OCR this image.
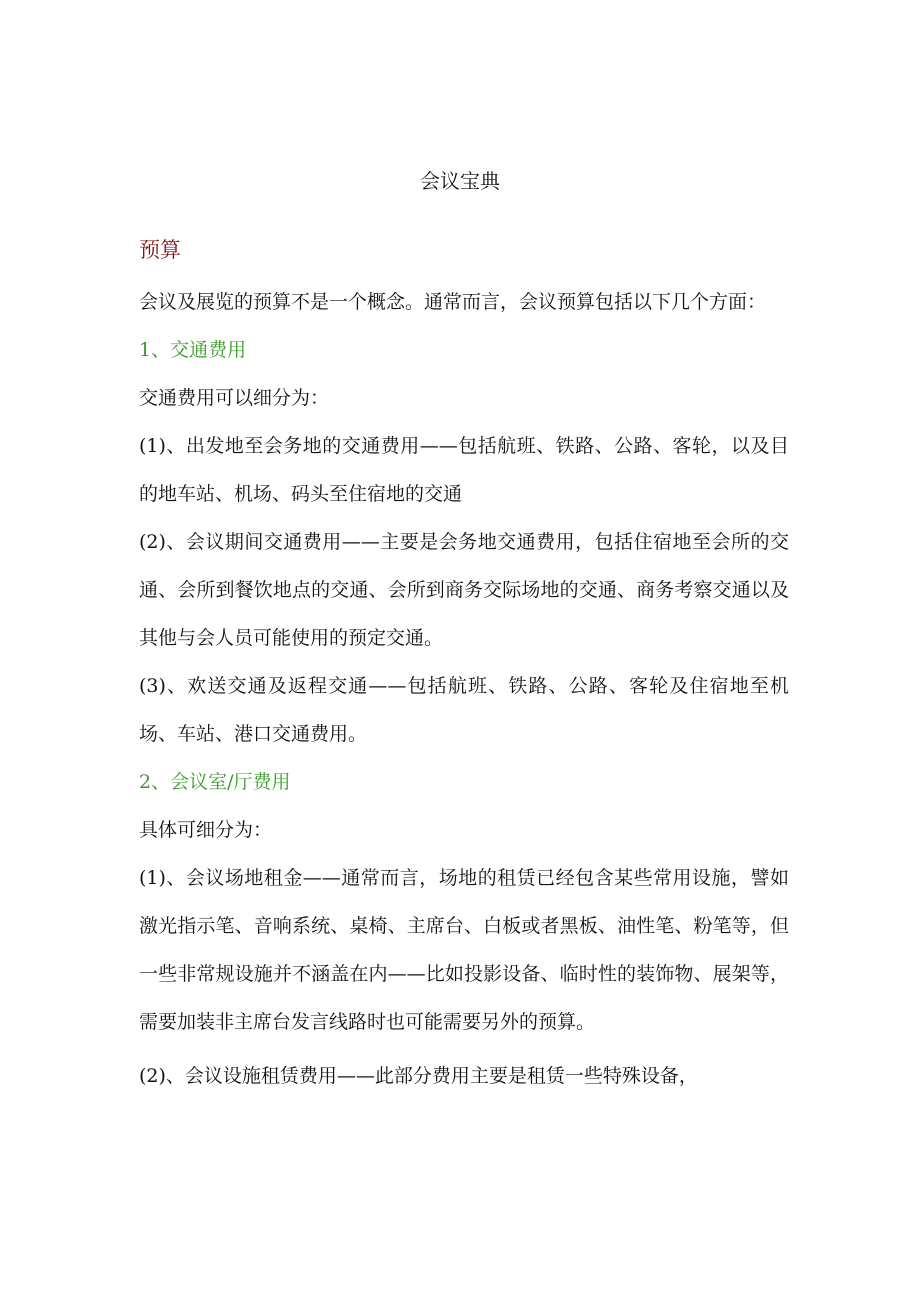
会议宝典
预算

会议及展览的预算不是一个概念。通常而言，会议预算包括以下几个方面：

1、交通费用

交通费用可以细分为：

(1)、出发地至会务地的交通费用——包括航班、铁路、公路、客轮，以及目的地车站、机场、码头至住宿地的交通

(2)、会议期间交通费用——主要是会务地交通费用，包括住宿地至会所的交通、会所到餐饮地点的交通、会所到商务交际场地的交通、商务考察交通以及其他与会人员可能使用的预定交通。

(3)、欢送交通及返程交通——包括航班、铁路、公路、客轮及住宿地至机场、车站、港口交通费用。

2、会议室/厅费用

具体可细分为：

(1)、会议场地租金——通常而言，场地的租赁已经包含某些常用设施，譬如激光指示笔、音响系统、桌椅、主席台、白板或者黑板、油性笔、粉笔等，但一些非常规设施并不涵盖在内——比如投影设备、临时性的装饰物、展架等，需要加装非主席台发言线路时也可能需要另外的预算。

(2)、会议设施租赁费用——此部分费用主要是租赁一些特殊设备，
